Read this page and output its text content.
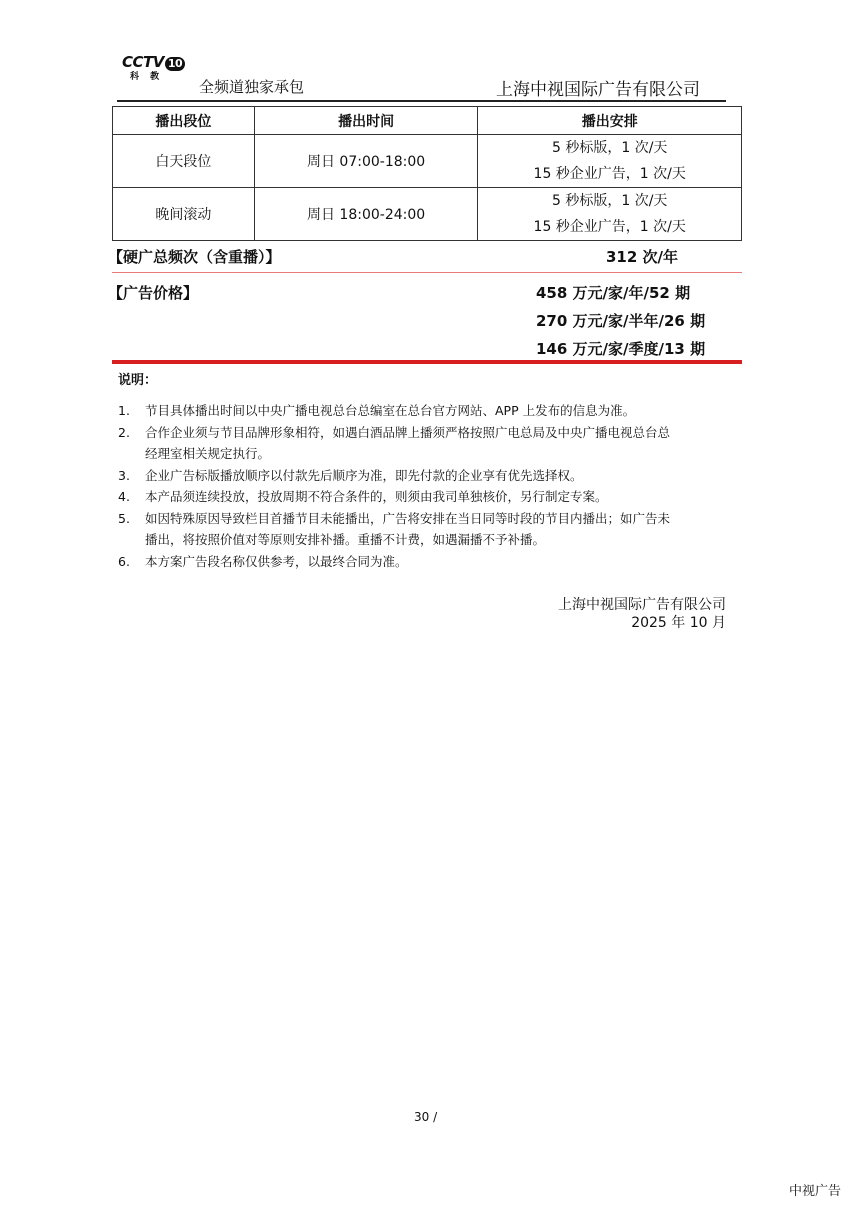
CCTV 10
科 教
全频道独家承包	上海中视国际广告有限公司
播出段位	播出时间	播出安排
白天段位	周日 07:00-18:00	5 秒标版，1 次/天
15 秒企业广告，1 次/天

晚间滚动	周日 18:00-24:00	5 秒标版，1 次/天
15 秒企业广告，1 次/天
【硬广总频次（含重播）】	312 次/年
【广告价格】	458 万元/家/年/52 期
270 万元/家/半年/26 期
146 万元/家/季度/13 期
说明：
1.	节目具体播出时间以中央广播电视总台总编室在总台官方网站、APP 上发布的信息为准。
2.	合作企业须与节目品牌形象相符，如遇白酒品牌上播须严格按照广电总局及中央广播电视总台总经理室相关规定执行。
3.	企业广告标版播放顺序以付款先后顺序为准，即先付款的企业享有优先选择权。
4.	本产品须连续投放，投放周期不符合条件的，则须由我司单独核价，另行制定专案。
5.	如因特殊原因导致栏目首播节目未能播出，广告将安排在当日同等时段的节目内播出；如广告未播出，将按照价值对等原则安排补播。重播不计费，如遇漏播不予补播。
6.	本方案广告段名称仅供参考，以最终合同为准。
上海中视国际广告有限公司
2025 年 10 月
30 /
中视广告
